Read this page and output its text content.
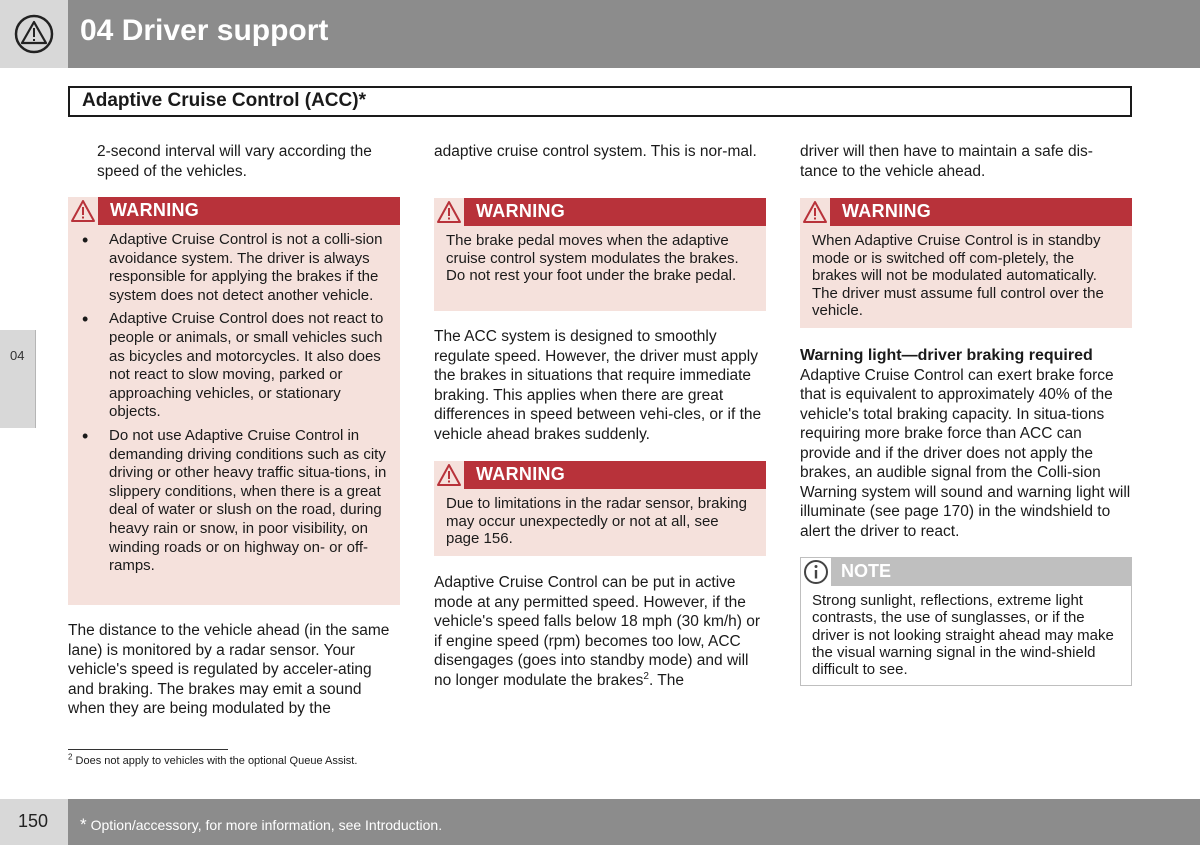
04 Driver support
Adaptive Cruise Control (ACC)*
04

2-second interval will vary according the speed of the vehicles.

WARNING
• Adaptive Cruise Control is not a colli-sion avoidance system. The driver is always responsible for applying the brakes if the system does not detect another vehicle.
• Adaptive Cruise Control does not react to people or animals, or small vehicles such as bicycles and motorcycles. It also does not react to slow moving, parked or approaching vehicles, or stationary objects.
• Do not use Adaptive Cruise Control in demanding driving conditions such as city driving or other heavy traffic situa-tions, in slippery conditions, when there is a great deal of water or slush on the road, during heavy rain or snow, in poor visibility, on winding roads or on highway on- or off-ramps.

The distance to the vehicle ahead (in the same lane) is monitored by a radar sensor. Your vehicle's speed is regulated by acceler-ating and braking. The brakes may emit a sound when they are being modulated by the

adaptive cruise control system. This is nor-mal.

WARNING
The brake pedal moves when the adaptive cruise control system modulates the brakes. Do not rest your foot under the brake pedal.

The ACC system is designed to smoothly regulate speed. However, the driver must apply the brakes in situations that require immediate braking. This applies when there are great differences in speed between vehi-cles, or if the vehicle ahead brakes suddenly.

WARNING
Due to limitations in the radar sensor, braking may occur unexpectedly or not at all, see page 156.

Adaptive Cruise Control can be put in active mode at any permitted speed. However, if the vehicle's speed falls below 18 mph (30 km/h) or if engine speed (rpm) becomes too low, ACC disengages (goes into standby mode) and will no longer modulate the brakes$^2$. The

driver will then have to maintain a safe dis-tance to the vehicle ahead.

WARNING
When Adaptive Cruise Control is in standby mode or is switched off com-pletely, the brakes will not be modulated automatically. The driver must assume full control over the vehicle.

Warning light—driver braking required

Adaptive Cruise Control can exert brake force that is equivalent to approximately 40% of the vehicle's total braking capacity. In situa-tions requiring more brake force than ACC can provide and if the driver does not apply the brakes, an audible signal from the Colli-sion Warning system will sound and warning light will illuminate (see page 170) in the windshield to alert the driver to react.

NOTE
Strong sunlight, reflections, extreme light contrasts, the use of sunglasses, or if the driver is not looking straight ahead may make the visual warning signal in the wind-shield difficult to see.
$^2$ Does not apply to vehicles with the optional Queue Assist.
150 * Option/accessory, for more information, see Introduction.
